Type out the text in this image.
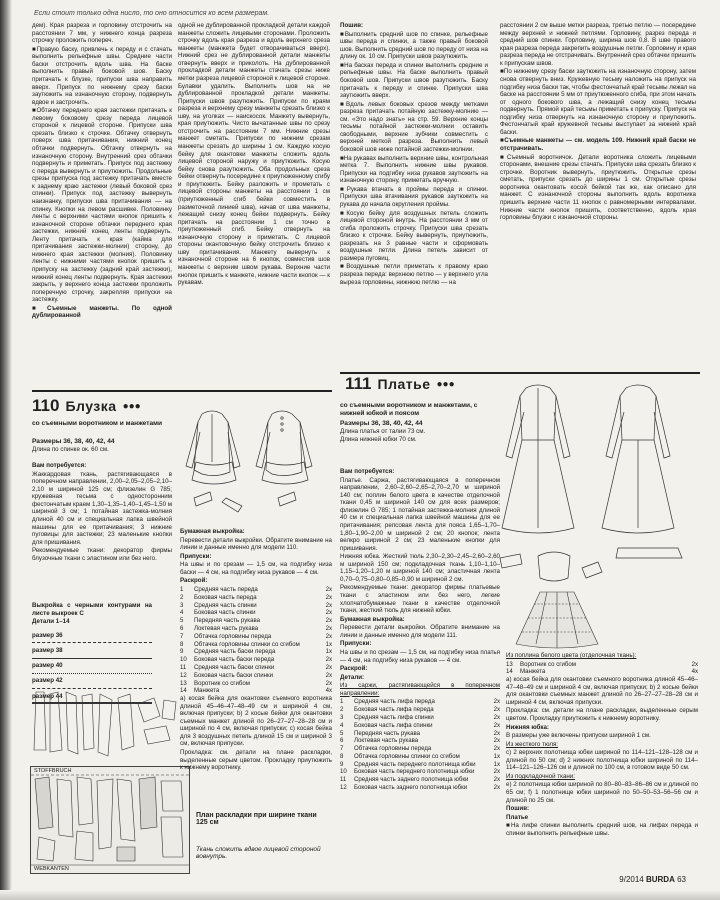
Если стоит только одна нисло, то оно относится ко всем размерам.

дем). Края разреза и горловину отстрочить на расстоянии 7 мм, у нижнего конца разреза строчку проложить попереч.

■ Правую баску, привлечь к переду и с стачать выполнить рельефные швы. Средние части баски отстрочить вдоль шва. На баске выполнить правый боковой шов. Баску притачать к блузке, припуски шва направить вверх. Припуск по нижнему срезу баски заутюжить на изнаночную сторону, подвернуть вдвое и застрочить.

■ Обтачку переднего края застежки притачать к левому боковому срезу переда лицевой стороной к лицевой стороне. Припуски шва срезать близко к строчке. Обтачку отвернуть поверх шва притачивания, нижний конец обтачки подвернуть. Обтачку отвернуть на изнаночную сторону. Внутренний срез обтачки подвернуть и приметать. Припуск под застежку с переда вывернуть и приутюжить. Продольные срезы припуска под застежку притачать вместе к заднему краю застежки (левый боковой срез спинки). Припуск под застежку вывернуть наизнанку, припуски шва притачивания — на спинку. Кнопки на левом расшивке. Половинку ленты с верхними частями кнопок пришить к изнаночной стороне обтачки переднего края застежки, нижний конец ленты подвернуть. Ленту притачать к края (кайма для притачивания застежки-молнии) сторону, до нижнего края застежки (молния). Половинку ленты с нижними частями кнопок пришить к припуску на застежку (задний край застежки), нижний конец ленты подвернуть. Края застежки закрыть, у верхнего конца застежки проложить поперечную строчку, закрепляя припуски на застежку.

■ Съемные манжеты. По одной дублированной

одной не дублированной прокладкой детали каждой манжеты сложить лицевыми сторонами. Проложить строчку вдоль края разреза и вдоль верхнего среза манжеты (манжета будет отворачиваться вверх). Нижний срез не дублированной детали манжеты отвернуть вверх и приколоть. На дублированной прокладкой детали манжеты стачать срезы ниже метки разреза лицевой стороной к лицевой стороне. Булавки удалить. Выполнить шов на не дублированной прокладкой детали манжеты. Припуски швов разутюжить. Припуски по краям разреза и верхнему срезу манжеты срезать близко к шву, на уголках — наискосок. Манжету вывернуть, края приутюжить. Чисто вычатанные швы по срезу отстрочить на расстоянии 7 мм. Нижние срезы манжет сметать. Припуски по нижним срезам манжеты срезать до ширины 1 см. Каждую косую бейку для окантовки манжеты сложить вдоль лицевой стороной наружу и приутюжить. Косую бейку снова разутюжить. Оба продольных среза бейки отвернуть посередине к приутюженному сгибу и приутюжить. Бейку разложить и прометать с лицевой стороны манжеты на расстоянии 1 см (приутюженный сгиб бейки совместить в разметочной линией шва), начав от шва манжеты, лежащий снизу конец бейки подвернуть. Бейку притачать на расстоянии 1 см точно в приутюженный сгиб. Бейку отвернуть на изнаночную сторону и приметать. С лицевой стороны окантовочную бейку отстрочить близко к шву притачивания. Манжету вывернуть к изнаночной стороне на 6 кнопок, совместив шов манжеты с верхним швом рукава. Верхние части кнопок пришить к манжете, нижние части кнопок — к рукавам.

Пошив:

■ Выполнить средний шов по спинке, рельефные швы переда и спинки, а также правый боковой шов. Выполнить средний шов по переду от низа на длину ок. 10 см. Припуски швов разутюжить.

■ На басках переда и спинки выполнить средние и рельефные швы. На баске выполнить правый боковой шов. Припуски швов разутюжить. Баску притачать к переду и спинке. Припуски шва заутюжить вверх.

■ Вдоль левых боковых срезов между метками разреза притачать потайную застежку-молнию — см. «Это надо знать» на стр. 59. Верхние концы тесьмы потайной застежки-молнии оставить свободными, верхние зубчики совместить с верхней меткой разреза. Выполнить левый боковой шов ниже потайной застежки-молнии.

■ На рукавах выполнить верхние швы, контрольная метка 7. Выполнить нижние швы рукавов. Припуски на подгибку низа рукавов заутюжить на изнаночную сторону, приметать вручную.

■ Рукава втачать в проймы переда и спинки. Припуски шва втачивания рукавов заутюжить на рукава до начала округления проймы.

■ Косую бейку для воздушных петель сложить лицевой стороной внутрь. На расстоянии 3 мм от сгиба проложить строчку. Припуски шва срезать близко к строчке. Бейку вывернуть, приутюжить, разрезать на 3 равные части и сформовать воздушные петли. Длина петель зависит от размера пуговиц.

■ Воздушные петли приметать к правому краю разреза переда: верхнюю петлю — у верхнего угла выреза горловины, нижнюю петлю — на

расстоянии 2 см выше метки разреза, третью петлю — посередине между верхней и нижней петлями. Горловину, разрез переда и средний шов спинки. Горловину, ширина шов 0,8. В шве правого края разреза переда закрепить воздушные петли. Горловину и края разреза переда не отстрачивать. Внутренний срез обтачки пришить к припускам швов.

■ По нижнему срезу баски заутюжить на изнаночную сторону, затем снова отвернуть вниз. Кружевную тесьму наложить на припуск на подгибку низа баски так, чтобы фестончатый край тесьмы лежал на баске на расстоянии 5 мм от приутюженного сгиба, при этом начать от одного бокового шва, а лежащий снизу конец тесьмы подвернуть. Прямой край тесьмы приметать к припуску. Припуск на подгибку низа отвернуть на изнаночную сторону и приутюжить. Фестончатый край кружевной тесьмы выступает за нижний край баски.

■ Съемные манжеты — см. модель 109. Нижний край баски не отстрачивать.

■ Съемный воротничок. Детали воротника сложить лицевыми сторонами, внешние срезы стачать. Припуски шва срезать близко к строчке. Воротник вывернуть, приутюжить. Открытые срезы сметать, припуски срезать до ширины 1 см. Открытые срезы воротника окантовать косой бейкой так же, как описано для манжет. С изнаночной стороны выполнить вдоль воротника пришить верхние части 11 кнопок с равномерными интервалами. Нижние части кнопок пришить, соответственно, вдоль края горловины блузки с изнаночной стороны.

110 Блузка ●●●
со съемными воротником и манжетами
Размеры 36, 38, 40, 42, 44
Длина по спинке ок. 60 см.

Вам потребуется:

Жаккардовая ткань, растягивающаяся в поперечном направлении, 2,00–2,05–2,05–2,10–2,10 м шириной 125 см; флизелин G 785; кружевная тесьма с односторонним фестончатым краем 1,30–1,35–1,40–1,45–1,50 м шириной 3 см; 1 потайная застежка-молния длиной 40 см и специальная лапка швейной машины для ее притачивания; 3 нижние пуговицы для застежки; 23 маленькие кнопки для пришивания.

Рекомендуемые ткани: декоратор фирмы блузочные ткани с эластином или без него.

Выкройка с черными контурами на листе выкроек C

Детали 1–14

размер 36
размер 38
размер 40
размер 42
размер 44
STOFFBRUCH
WEBKANTEN
План раскладки при ширине ткани 125 см
Ткань сложить вдвое лицевой стороной вовнутрь.

Бумажная выкройка:

Перевести детали выкройки. Обратите внимание на линии и данные именно для модели 110.

Припуски:

На швы и по срезам — 1,5 см, на подгибку низа баски — 4 см, на подгибку низа рукавов — 4 см.

Раскрой:

1	Средняя часть переда	2x
2	Боковая часть переда	2x
3	Средняя часть спинки	2x
4	Боковая часть спинки	2x
5	Передняя часть рукава	2x
6	Локтевая часть рукава	2x
7	Обтачка горловины переда	2x
8	Обтачка горловины спинки со сгибом	1x
9	Средняя часть баски переда	1x
10	Боковая часть баски переда	2x
11	Средняя часть баски спинки	2x
12	Боковая часть баски спинки	2x
13	Воротник со сгибом	2x
14	Манжета	4x

а) косая бейка для окантовки съемного воротника длиной 45–46–47–48–49 см и шириной 4 см, включая припуски; b) 2 косые бейки для окантовки съемных манжет длиной по 26–27–27–28–28 см и шириной по 4 см, включая припуски; c) косая бейка для 3 воздушных петель длиной 15 см и шириной 3 см, включая припуски.

Прокладка: см. детали на плане раскладки, выделенные серым цветом. Прокладку приутюжить к нижнему воротнику.

111 Платье ●●●
со съемными воротником и манжетами, с нижней юбкой и поясом
Размеры 36, 38, 40, 42, 44
Длина платья от талии 73 см.
Длина нижней юбки 70 см.

Вам потребуется:

Платье. Саржа, растягивающаяся в поперечном направлении, 2,60–2,60–2,65–2,70–2,70 м шириной 140 см; поплин белого цвета в качестве отделочной ткани 0,45 м шириной 140 см для всех размеров; флизелин G 785; 1 потайная застежка-молния длиной 40 см и специальная лапка швейной машины для ее притачивания; репсовая лента для пояса 1,65–1,70–1,80–1,90–2,00 м шириной 2 см; 20 кнопок; лента велкро шириной 2 см; 23 маленькие кнопки для пришивания.

Нижняя юбка. Жесткий тюль 2,30–2,30–2,45–2,60–2,60 м шириной 150 см; подкладочная ткань 1,10–1,10–1,15–1,20–1,20 м шириной 140 см; эластичная лента 0,70–0,75–0,80–0,85–0,90 м шириной 2 см.

Рекомендуемые ткани: декоратор фирмы платьевые ткани с эластином или без него, легкие хлопчатобумажные ткани в качестве отделочной ткани, жесткий тюль для нижней юбки.

Бумажная выкройка:

Перевести детали выкройки. Обратите внимание на линии и данные именно для модели 111.

Припуски:

На швы и по срезам — 1,5 см, на подгибку низа платья — 4 см, на подгибку низа рукавов — 4 см.

Раскрой:

Детали:

Из саржи, растягивающейся в поперечном направлении:

1	Средняя часть лифа переда	2x
2	Боковая часть лифа переда	2x
3	Средняя часть лифа спинки	2x
4	Боковая часть лифа спинки	2x
5	Передняя часть рукава	2x
6	Локтевая часть рукава	2x
7	Обтачка горловины переда	2x
8	Обтачка горловины спинки со сгибом	1x
9	Средняя часть переднего полотнища юбки	1x
10	Боковая часть переднего полотнища юбки	2x
11	Средняя часть заднего полотнища юбки	2x
12	Боковая часть заднего полотнища юбки	2x

Из поплина белого цвета (отделочная ткань):

13	Воротник со сгибом	2x
14	Манжета	4x

а) косая бейка для окантовки съемного воротника длиной 45–46–47–48–49 см и шириной 4 см, включая припуски; b) 2 косые бейки для окантовки съемных манжет длиной по 26–27–27–28–28 см и шириной 4 см, включая припуски.

Прокладка: см. детали на плане раскладки, выделенные серым цветом. Прокладку приутюжить к нижнему воротнику.

Нижняя юбка:

В размеры уже включены припуски шириной 1 см.

Из жесткого тюля:

с) 2 верхних полотнища юбки шириной по 114–121–128–128 см и длиной по 50 см; d) 2 нижних полотнища юбки шириной по 114–114–121–126–126 см и длиной по 100 см, в готовом виде 50 см.

Из подкладочной ткани:

е) 2 полотнища юбки шириной по 80–80–83–86–86 см и длиной по 65 см; f) 1 полотнище юбки шириной по 50–50–53–56–56 см и длиной по 25 см.

Пошив:

Платье

■ На лифе спинки выполнить средний шов, на лифах переда и спинки выполнить рельефные швы.

9/2014 BURDA 63
